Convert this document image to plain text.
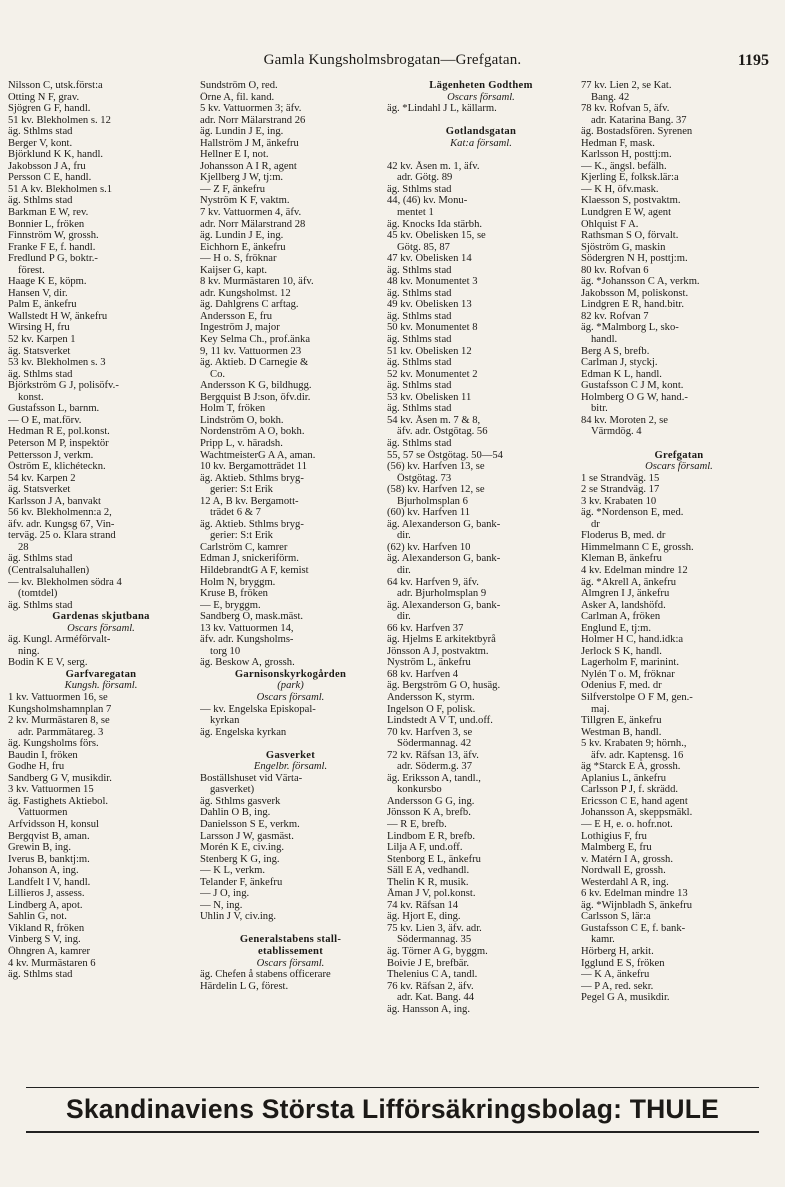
Gamla Kungsholmsbrogatan—Grefgatan.	1195
Nilsson C, utsk.först:a
Otting N F, grav.
Sjögren G F, handl.
51 kv. Blekholmen s. 12
äg. Sthlms stad
Berger V, kont.
Björklund K K, handl.
Jakobsson J A, fru
Persson C E, handl.
51 A kv. Blekholmen s.1
äg. Sthlms stad
Barkman E W, rev.
Bonnier L, fröken
Finnström W, grossh.
Franke F E, f. handl.
Fredlund P G, boktr.-
förest.
Haage K E, köpm.
Hansen V, dir.
Palm E, änkefru
Wallstedt H W, änkefru
Wirsing H, fru
52 kv. Karpen 1
äg. Statsverket
53 kv. Blekholmen s. 3
äg. Sthlms stad
Björkström G J, polisöfv.-
konst.
Gustafsson L, barnm.
— O E, mat.förv.
Hedman R E, pol.konst.
Peterson M P, inspektör
Pettersson J, verkm.
Öström E, klichéteckn.
54 kv. Karpen 2
äg. Statsverket
Karlsson J A, banvakt
56 kv. Blekholmenn:a 2,
äfv. adr. Kungsg 67, Vin-
terväg. 25 o. Klara strand
28
äg. Sthlms stad
(Centralsaluhallen)
— kv. Blekholmen södra 4
(tomtdel)
äg. Sthlms stad
Gardenas skjutbana
Oscars församl.
äg. Kungl. Arméförvalt-
ning.
Bodin K E V, serg.
Garfvaregatan
Kungsh. församl.
1 kv. Vattuormen 16, se
Kungsholmshamnplan 7
2 kv. Murmästaren 8, se
adr. Parmmätareg. 3
äg. Kungsholms förs.
Baudin I, fröken
Godhe H, fru
Sandberg G V, musikdir.
3 kv. Vattuormen 15
äg. Fastighets Aktiebol.
Vattuormen
Arfvidsson H, konsul
Bergqvist B, aman.
Grewin B, ing.
Iverus B, banktj:m.
Johanson A, ing.
Landfelt I V, handl.
Lillieros J, assess.
Lindberg A, apot.
Sahlin G, not.
Vikland R, fröken
Vinberg S V, ing.
Öhngren A, kamrer
4 kv. Murmästaren 6
äg. Sthlms stad
Sundström O, red.
Örne A, fil. kand.
5 kv. Vattuormen 3; äfv.
adr. Norr Mälarstrand 26
äg. Lundin J E, ing.
Hallström J M, änkefru
Hellner E I, not.
Johansson A I R, agent
Kjellberg J W, tj:m.
— Z F, änkefru
Nyström K F, vaktm.
7 kv. Vattuormen 4, äfv.
adr. Norr Mälarstrand 28
äg. Lundin J E, ing.
Eichhorn E, änkefru
— H o. S, fröknar
Kaijser G, kapt.
8 kv. Murmästaren 10, äfv.
adr. Kungsholmst. 12
äg. Dahlgrens C arftag.
Andersson E, fru
Ingeström J, major
Key Selma Ch., prof.änka
9, 11 kv. Vattuormen 23
äg. Aktieb. D Carnegie &
Co.
Andersson K G, bildhugg.
Bergquist B J:son, öfv.dir.
Holm T, fröken
Lindström O, bokh.
Nordenström A O, bokh.
Pripp L, v. häradsh.
WachtmeisterG A A, aman.
10 kv. Bergamotträdet 11
äg. Aktieb. Sthlms bryg-
gerier: S:t Erik
12 A, B kv. Bergamott-
trädet 6 & 7
äg. Aktieb. Sthlms bryg-
gerier: S:t Erik
Carlström C, kamrer
Edman J, snickeriförm.
HildebrandtG A F, kemist
Holm N, bryggm.
Kruse B, fröken
— E, bryggm.
Sandberg O, mask.mäst.
13 kv. Vattuormen 14,
äfv. adr. Kungsholms-
torg 10
äg. Beskow A, grossh.
Garnisonskyrkogården
(park)
Oscars församl.
— kv. Engelska Episkopal-
kyrkan
äg. Engelska kyrkan

Gasverket
Engelbr. församl.
Boställshuset vid Värta-
gasverket)
äg. Sthlms gasverk
Dahlin O B, ing.
Danielsson S E, verkm.
Larsson J W, gasmäst.
Morén K E, civ.ing.
Stenberg K G, ing.
— K L, verkm.
Telander F, änkefru
— J O, ing.
— N, ing.
Uhlin J V, civ.ing.

Generalstabens stall-
etablissement
Oscars församl.
äg. Chefen å stabens officerare
Härdelin L G, förest.
Lägenheten Godthem
Oscars församl.
äg. *Lindahl J L, källarm.

Gotlandsgatan
Kat:a församl.

42 kv. Åsen m. 1, äfv.
adr. Götg. 89
äg. Sthlms stad
44, (46) kv. Monu-
mentet 1
äg. Knocks Ida stärbh.
45 kv. Obelisken 15, se
Götg. 85, 87
47 kv. Obelisken 14
äg. Sthlms stad
48 kv. Monumentet 3
äg. Sthlms stad
49 kv. Obelisken 13
äg. Sthlms stad
50 kv. Monumentet 8
äg. Sthlms stad
51 kv. Obelisken 12
äg. Sthlms stad
52 kv. Monumentet 2
äg. Sthlms stad
53 kv. Obelisken 11
äg. Sthlms stad
54 kv. Åsen m. 7 & 8,
äfv. adr. Östgötag. 56
äg. Sthlms stad
55, 57 se Östgötag. 50—54
(56) kv. Harfven 13, se
Östgötag. 73
(58) kv. Harfven 12, se
Bjurholmsplan 6
(60) kv. Harfven 11
äg. Alexanderson G, bank-
dir.
(62) kv. Harfven 10
äg. Alexanderson G, bank-
dir.
64 kv. Harfven 9, äfv.
adr. Bjurholmsplan 9
äg. Alexanderson G, bank-
dir.
66 kv. Harfven 37
äg. Hjelms E arkitektbyrå
Jönsson A J, postvaktm.
Nyström L, änkefru
68 kv. Harfven 4
äg. Bergström G O, husäg.
Andersson K, styrm.
Ingelson O F, polisk.
Lindstedt A V T, und.off.
70 kv. Harfven 3, se
Södermannag. 42
72 kv. Räfsan 13, äfv.
adr. Söderm.g. 37
äg. Eriksson A, tandl.,
konkursbo
Andersson G G, ing.
Jönsson K A, brefb.
— R E, brefb.
Lindbom E R, brefb.
Lilja A F, und.off.
Stenborg E L, änkefru
Säll E A, vedhandl.
Thelin K R, musik.
Åman J V, pol.konst.
74 kv. Räfsan 14
äg. Hjort E, ding.
75 kv. Lien 3, äfv. adr.
Södermannag. 35
äg. Törner A G, byggm.
Boivie J E, brefbär.
Thelenius C A, tandl.
76 kv. Räfsan 2, äfv.
adr. Kat. Bang. 44
äg. Hansson A, ing.
77 kv. Lien 2, se Kat.
Bang. 42
78 kv. Rofvan 5, äfv.
adr. Katarina Bang. 37
äg. Bostadsfören. Syrenen
Hedman F, mask.
Karlsson H, posttj:m.
— K., ängsl. befälh.
Kjerling E, folksk.lär:a
— K H, öfv.mask.
Klaesson S, postvaktm.
Lundgren E W, agent
Ohlquist F A.
Rathsman S O, förvalt.
Sjöström G, maskin
Södergren N H, posttj:m.
80 kv. Rofvan 6
äg. *Johansson C A, verkm.
Jakobsson M, poliskonst.
Lindgren E R, hand.bitr.
82 kv. Rofvan 7
äg. *Malmborg L, sko-
handl.
Berg A S, brefb.
Carlman J, styckj.
Edman K L, handl.
Gustafsson C J M, kont.
Holmberg O G W, hand.-
bitr.
84 kv. Moroten 2, se
Värmdög. 4

Grefgatan
Oscars församl.
1 se Strandväg. 15
2 se Strandväg. 17
3 kv. Krabaten 10
äg. *Nordenson E, med.
dr
Floderus B, med. dr
Himmelmann C E, grossh.
Kleman B, änkefru
4 kv. Edelman mindre 12
äg. *Akrell A, änkefru
Almgren I J, änkefru
Asker A, landshöfd.
Carlman A, fröken
Englund E, tj:m.
Holmer H C, hand.idk:a
Jerlock S K, handl.
Lagerholm F, marinint.
Nylén T o. M, fröknar
Odenius F, med. dr
Silfverstolpe O F M, gen.-
maj.
Tillgren E, änkefru
Westman B, handl.
5 kv. Krabaten 9; hörnh.,
äfv. adr. Kaptensg. 16
äg *Starck E A, grossh.
Aplanius L, änkefru
Carlsson P J, f. skrädd.
Ericsson C E, hand agent
Johansson A, skeppsmäkl.
— E H, e. o. hofr.not.
Lothigius F, fru
Malmberg E, fru
v. Matérn I A, grossh.
Nordwall E, grossh.
Westerdahl A R, ing.
6 kv. Edelman mindre 13
äg. *Wijnbladh S, änkefru
Carlsson S, lär:a
Gustafsson C E, f. bank-
kamr.
Hörberg H, arkit.
Igglund E S, fröken
— K A, änkefru
— P A, red. sekr.
Pegel G A, musikdir.
Skandinaviens Största Lifförsäkringsbolag: THULE
